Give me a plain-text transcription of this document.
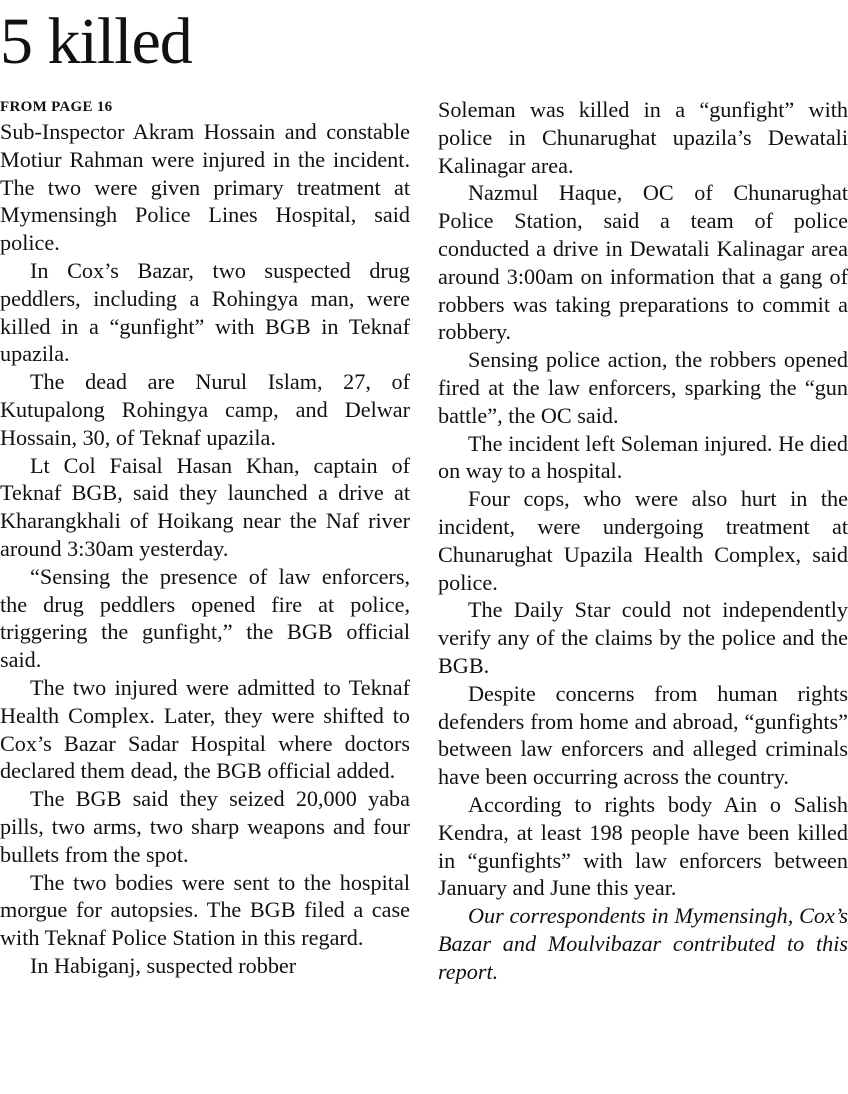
5 killed
FROM PAGE 16

Sub-Inspector Akram Hossain and constable Motiur Rahman were injured in the incident. The two were given primary treatment at Mymensingh Police Lines Hospital, said police.

In Cox’s Bazar, two suspected drug peddlers, including a Rohingya man, were killed in a “gunfight” with BGB in Teknaf upazila.

The dead are Nurul Islam, 27, of Kutupalong Rohingya camp, and Delwar Hossain, 30, of Teknaf upazila.

Lt Col Faisal Hasan Khan, captain of Teknaf BGB, said they launched a drive at Kharangkhali of Hoikang near the Naf river around 3:30am yesterday.

“Sensing the presence of law enforcers, the drug peddlers opened fire at police, triggering the gunfight,” the BGB official said.

The two injured were admitted to Teknaf Health Complex. Later, they were shifted to Cox’s Bazar Sadar Hospital where doctors declared them dead, the BGB official added.

The BGB said they seized 20,000 yaba pills, two arms, two sharp weapons and four bullets from the spot.

The two bodies were sent to the hospital morgue for autopsies. The BGB filed a case with Teknaf Police Station in this regard.

In Habiganj, suspected robber

Soleman was killed in a “gunfight” with police in Chunarughat upazila’s Dewatali Kalinagar area.

Nazmul Haque, OC of Chunarughat Police Station, said a team of police conducted a drive in Dewatali Kalinagar area around 3:00am on information that a gang of robbers was taking preparations to commit a robbery.

Sensing police action, the robbers opened fired at the law enforcers, sparking the “gun battle”, the OC said.

The incident left Soleman injured. He died on way to a hospital.

Four cops, who were also hurt in the incident, were undergoing treatment at Chunarughat Upazila Health Complex, said police.

The Daily Star could not independently verify any of the claims by the police and the BGB.

Despite concerns from human rights defenders from home and abroad, “gunfights” between law enforcers and alleged criminals have been occurring across the country.

According to rights body Ain o Salish Kendra, at least 198 people have been killed in “gunfights” with law enforcers between January and June this year.

Our correspondents in Mymensingh, Cox’s Bazar and Moulvibazar contributed to this report.
